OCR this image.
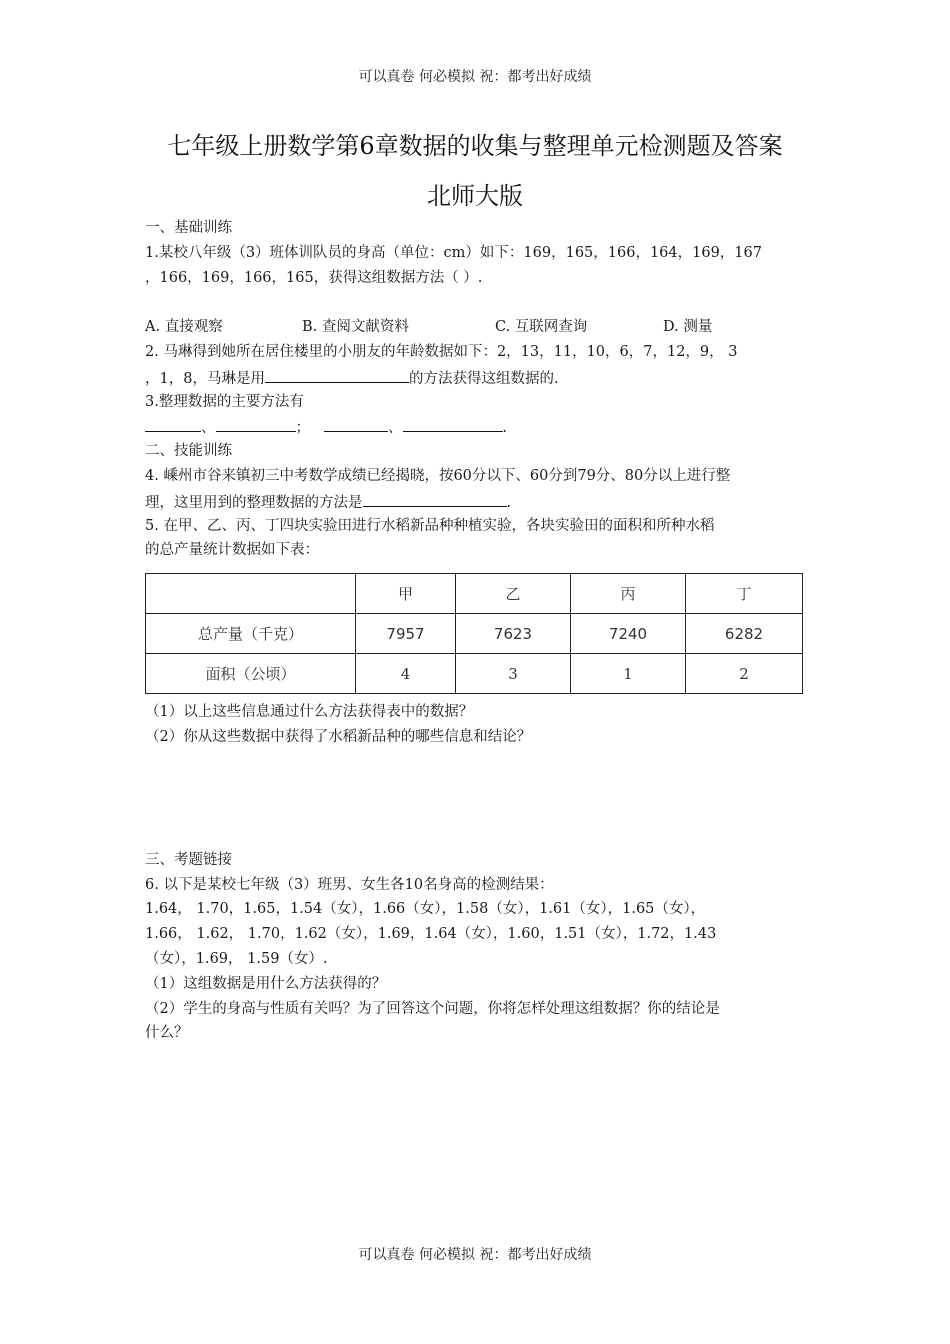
可以真卷 何必模拟 祝：都考出好成绩
七年级上册数学第6章数据的收集与整理单元检测题及答案
北师大版
一、基础训练
1.某校八年级（3）班体训队员的身高（单位：cm）如下：169，165，166，164，169，167
，166，169，166，165，获得这组数据方法（ ）.
A. 直接观察	B. 查阅文献资料	C. 互联网查询	D. 测量
2. 马琳得到她所在居住楼里的小朋友的年龄数据如下：2，13，11，10，6，7，12，9， 3
，1，8，马琳是用	的方法获得这组数据的.
3.整理数据的主要方法有
、	；	、	.
二、技能训练
4. 嵊州市谷来镇初三中考数学成绩已经揭晓，按60分以下、60分到79分、80分以上进行整
理，这里用到的整理数据的方法是	.
5. 在甲、乙、丙、丁四块实验田进行水稻新品种种植实验，各块实验田的面积和所种水稻
的总产量统计数据如下表：
	甲	乙	丙	丁
总产量（千克）	7957	7623	7240	6282
面积（公顷）	4	3	1	2
（1）以上这些信息通过什么方法获得表中的数据？
（2）你从这些数据中获得了水稻新品种的哪些信息和结论？
三、考题链接
6. 以下是某校七年级（3）班男、女生各10名身高的检测结果：
1.64， 1.70，1.65，1.54（女），1.66（女），1.58（女），1.61（女），1.65（女），
1.66， 1.62， 1.70，1.62（女），1.69，1.64（女），1.60，1.51（女），1.72，1.43
（女），1.69， 1.59（女）.
（1）这组数据是用什么方法获得的？
（2）学生的身高与性质有关吗？为了回答这个问题，你将怎样处理这组数据？你的结论是
什么？
可以真卷 何必模拟 祝：都考出好成绩
